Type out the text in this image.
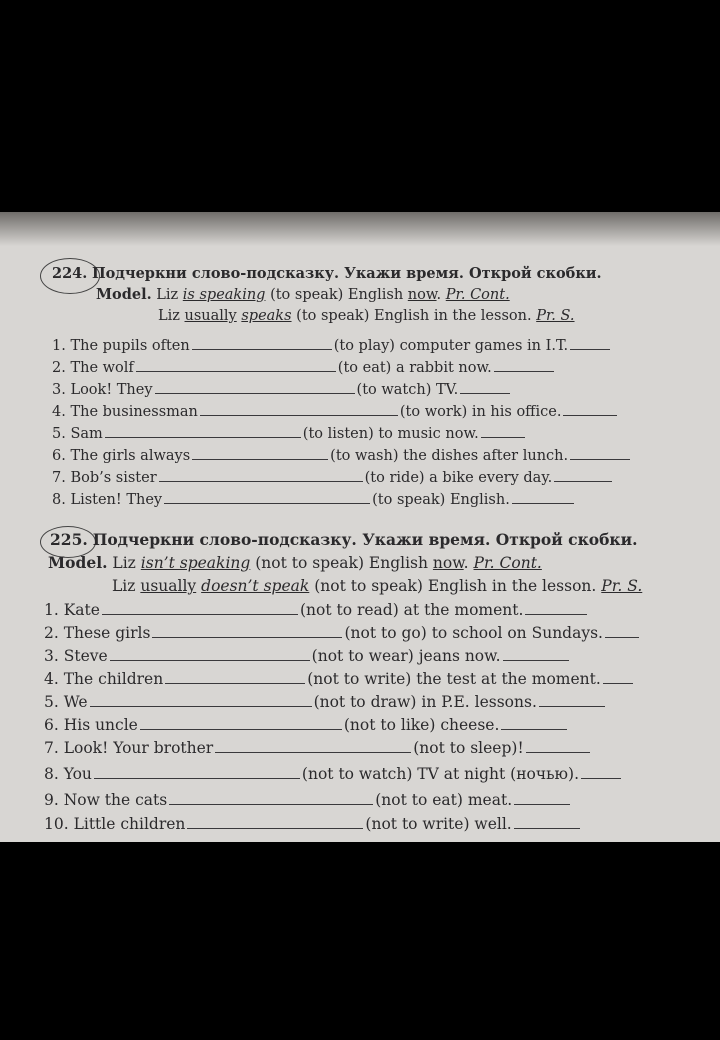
224. Подчеркни слово-подсказку. Укажи время. Открой скобки.
Model. Liz is speaking (to speak) English now. Pr. Cont.
Liz usually speaks (to speak) English in the lesson. Pr. S.
1. The pupils often	(to play) computer games in I.T.
2. The wolf	(to eat) a rabbit now.
3. Look! They	(to watch) TV.
4. The businessman	(to work) in his office.
5. Sam	(to listen) to music now.
6. The girls always	(to wash) the dishes after lunch.
7. Bob’s sister	(to ride) a bike every day.
8. Listen! They	(to speak) English.
225. Подчеркни слово-подсказку. Укажи время. Открой скобки.
Model. Liz isn’t speaking (not to speak) English now. Pr. Cont.
Liz usually doesn’t speak (not to speak) English in the lesson. Pr. S.
1. Kate	(not to read) at the moment.
2. These girls	(not to go) to school on Sundays.
3. Steve	(not to wear) jeans now.
4. The children	(not to write) the test at the moment.
5. We	(not to draw) in P.E. lessons.
6. His uncle	(not to like) cheese.
7. Look! Your brother	(not to sleep)!
8. You	(not to watch) TV at night (ночью).
9. Now the cats	(not to eat) meat.
10. Little children	(not to write) well.
